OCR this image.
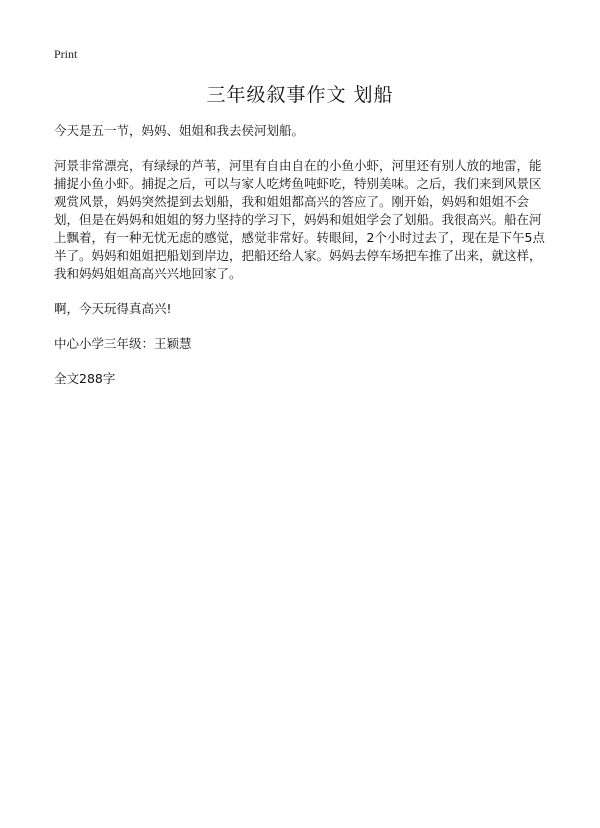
Print
三年级叙事作文 划船

今天是五一节，妈妈、姐姐和我去侯河划船。

河景非常漂亮，有绿绿的芦苇，河里有自由自在的小鱼小虾，河里还有别人放的地雷，能捕捉小鱼小虾。捕捉之后，可以与家人吃烤鱼吨虾吃，特别美味。之后，我们来到风景区观赏风景，妈妈突然提到去划船，我和姐姐都高兴的答应了。刚开始，妈妈和姐姐不会划，但是在妈妈和姐姐的努力坚持的学习下，妈妈和姐姐学会了划船。我很高兴。船在河上飘着，有一种无忧无虑的感觉，感觉非常好。转眼间，2个小时过去了，现在是下午5点半了。妈妈和姐姐把船划到岸边，把船还给人家。妈妈去停车场把车推了出来，就这样，我和妈妈姐姐高高兴兴地回家了。

啊，今天玩得真高兴!

中心小学三年级：王颖慧

全文288字
